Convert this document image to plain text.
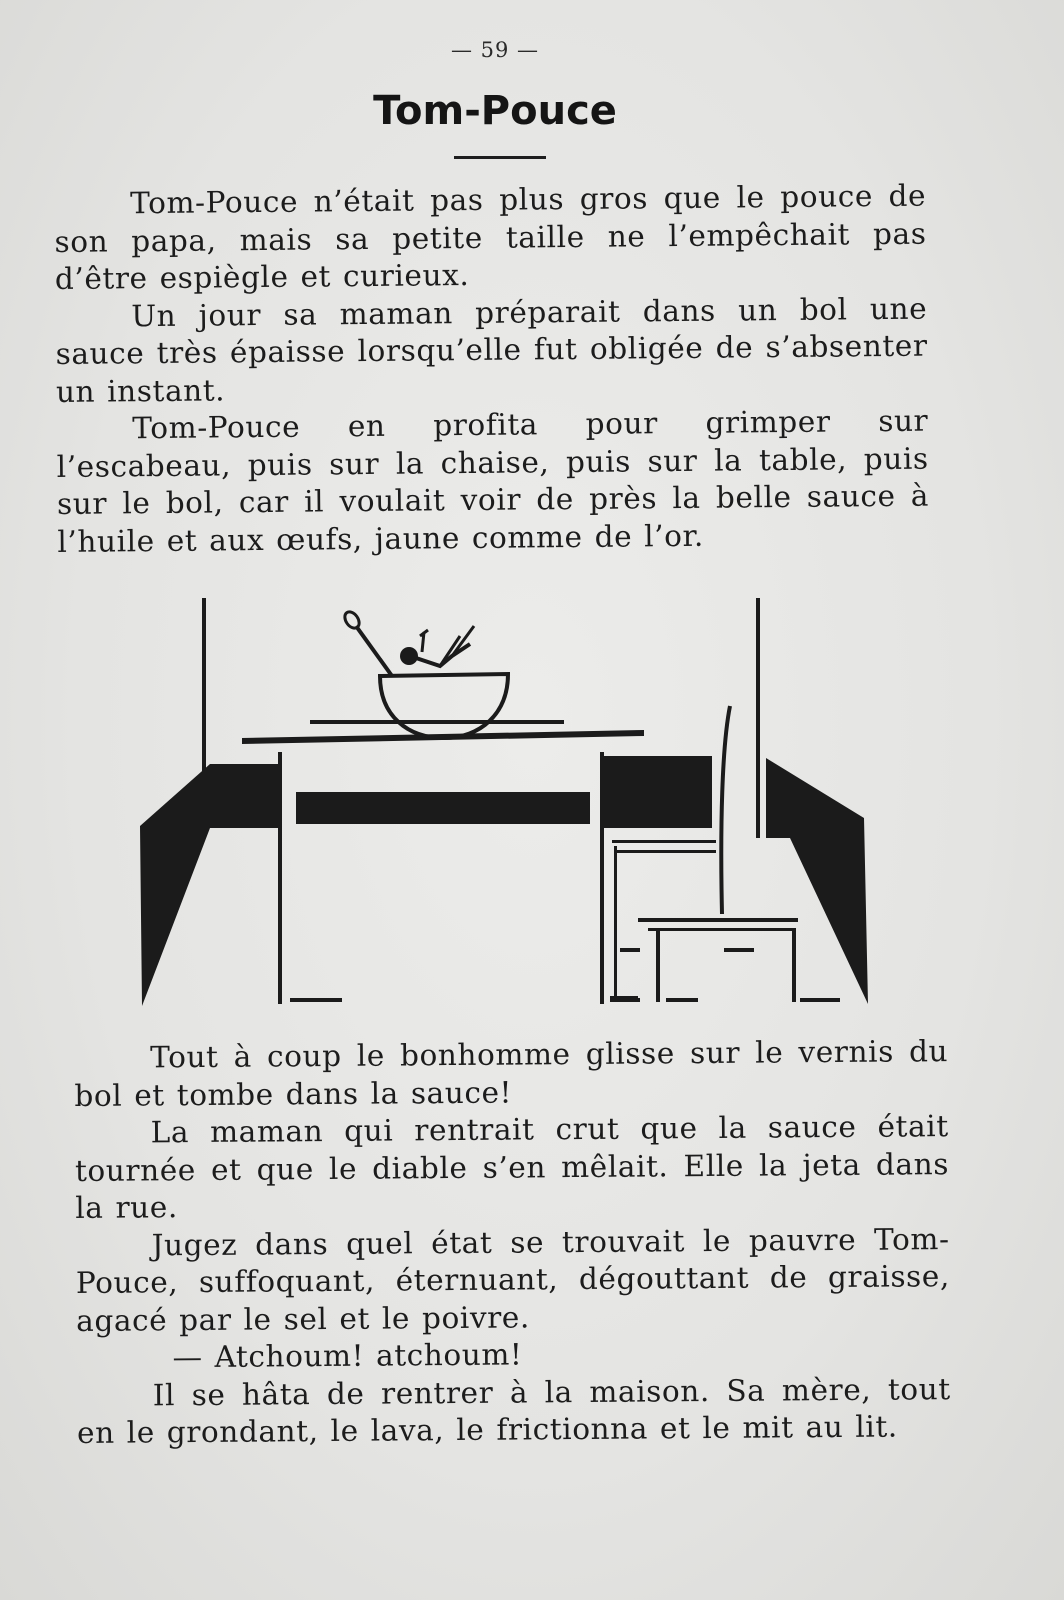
— 59 —
Tom-Pouce

Tom-Pouce n’était pas plus gros que le pouce de son papa, mais sa petite taille ne l’empêchait pas d’être espiègle et curieux.

Un jour sa maman préparait dans un bol une sauce très épaisse lorsqu’elle fut obligée de s’absenter un instant.

Tom-Pouce en profita pour grimper sur l’escabeau, puis sur la chaise, puis sur la table, puis sur le bol, car il voulait voir de près la belle sauce à l’huile et aux œufs, jaune comme de l’or.

Tout à coup le bonhomme glisse sur le vernis du bol et tombe dans la sauce!

La maman qui rentrait crut que la sauce était tournée et que le diable s’en mêlait. Elle la jeta dans la rue.

Jugez dans quel état se trouvait le pauvre Tom-Pouce, suffoquant, éternuant, dégouttant de graisse, agacé par le sel et le poivre.

— Atchoum! atchoum!

Il se hâta de rentrer à la maison. Sa mère, tout en le grondant, le lava, le frictionna et le mit au lit.
